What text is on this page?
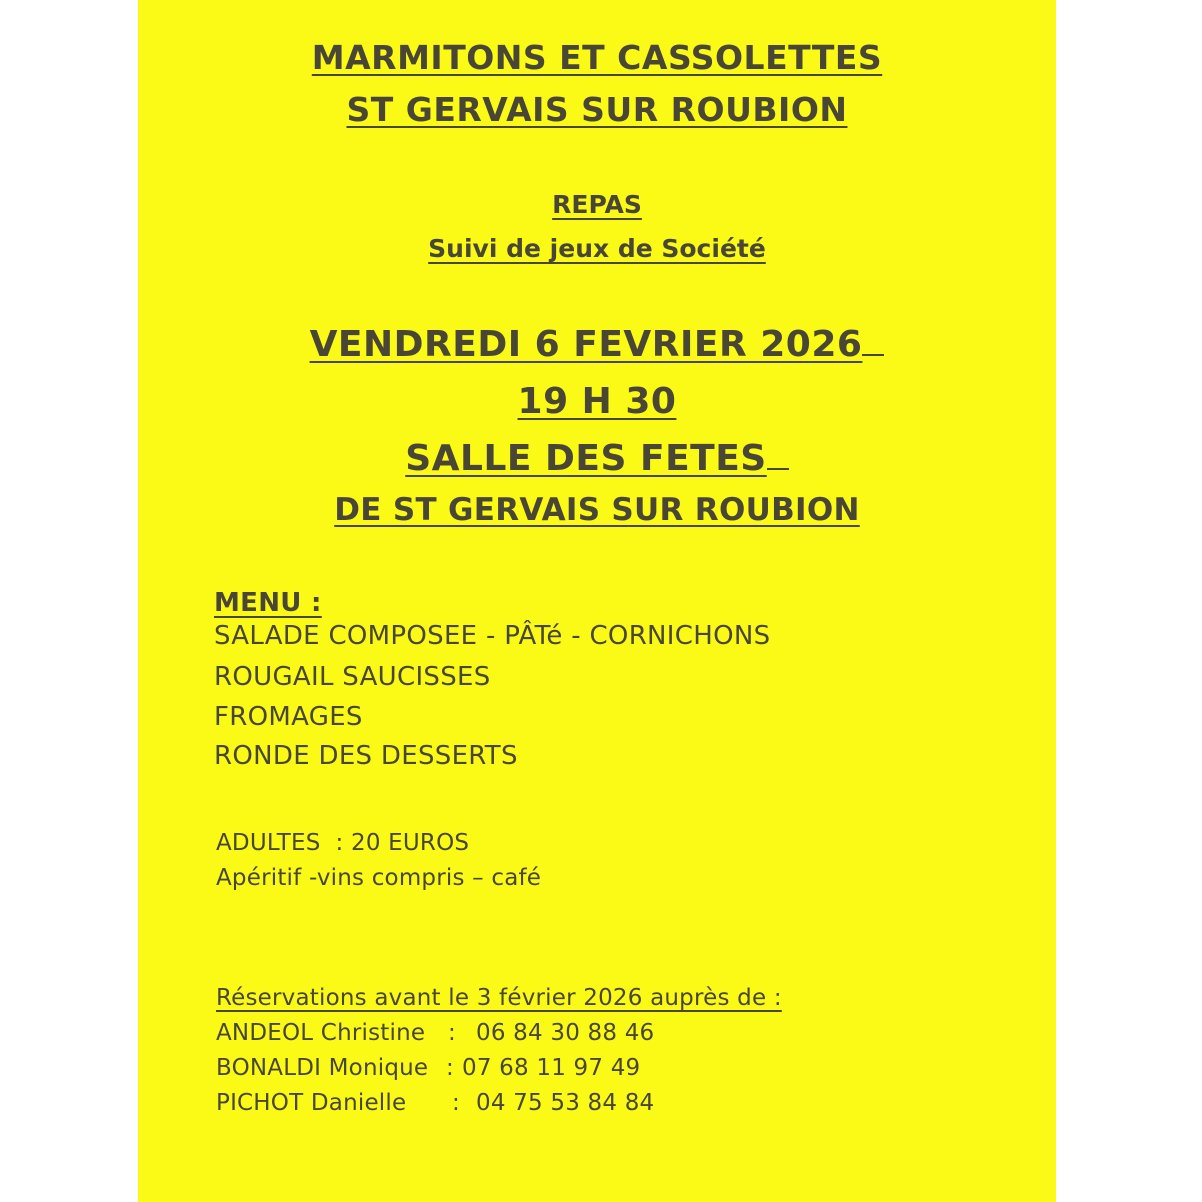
MARMITONS ET CASSOLETTES

ST GERVAIS SUR ROUBION

REPAS

Suivi de jeux de Société

VENDREDI 6 FEVRIER 2026

19 H 30

SALLE DES FETES

DE ST GERVAIS SUR ROUBION

MENU :

SALADE COMPOSEE - PÂTé - CORNICHONS

ROUGAIL SAUCISSES

FROMAGES

RONDE DES DESSERTS

ADULTES  : 20 EUROS

Apéritif -vins compris – café

Réservations avant le 3 février 2026 auprès de :

ANDEOL Christine : 06 84 30 88 46
BONALDI Monique : 07 68 11 97 49
PICHOT Danielle : 04 75 53 84 84
